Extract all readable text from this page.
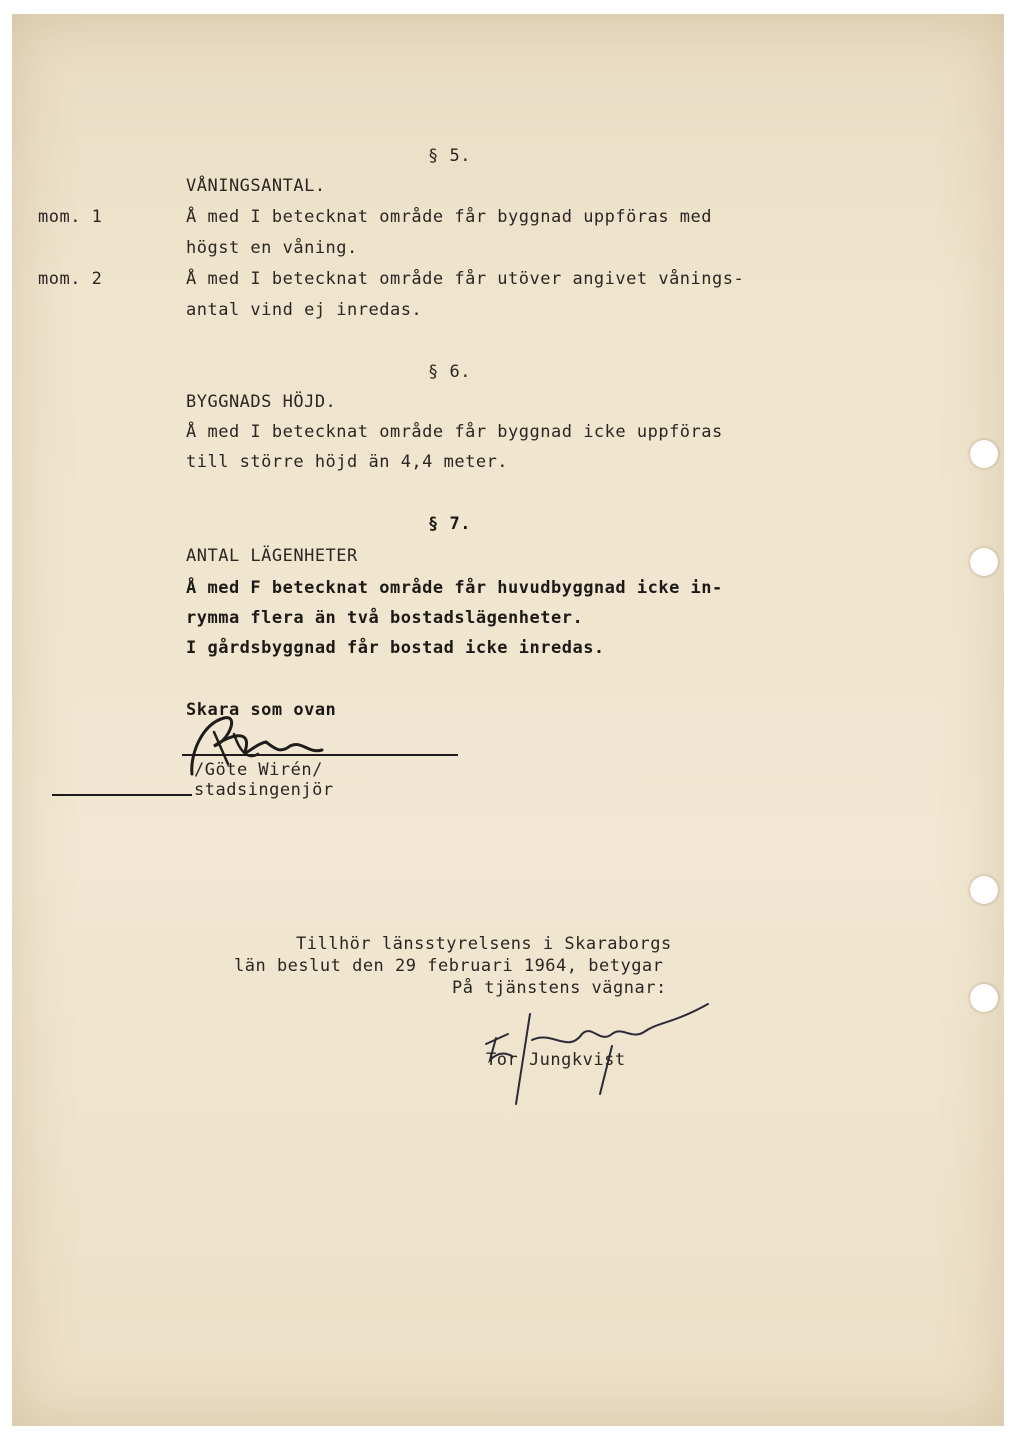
§ 5.
VÅNINGSANTAL.
mom. 1	Å med I betecknat område får byggnad uppföras med
högst en våning.
mom. 2	Å med I betecknat område får utöver angivet vånings-
antal vind ej inredas.
§ 6.
BYGGNADS HÖJD.
Å med I betecknat område får byggnad icke uppföras
till större höjd än 4,4 meter.
§ 7.
ANTAL LÄGENHETER
Å med F betecknat område får huvudbyggnad icke in-
rymma flera än två bostadslägenheter.
I gårdsbyggnad får bostad icke inredas.
Skara som ovan
/Göte Wirén/
stadsingenjör
Tillhör länsstyrelsens i Skaraborgs
län beslut den 29 februari 1964, betygar
På tjänstens vägnar:
Tor Jungkvist
